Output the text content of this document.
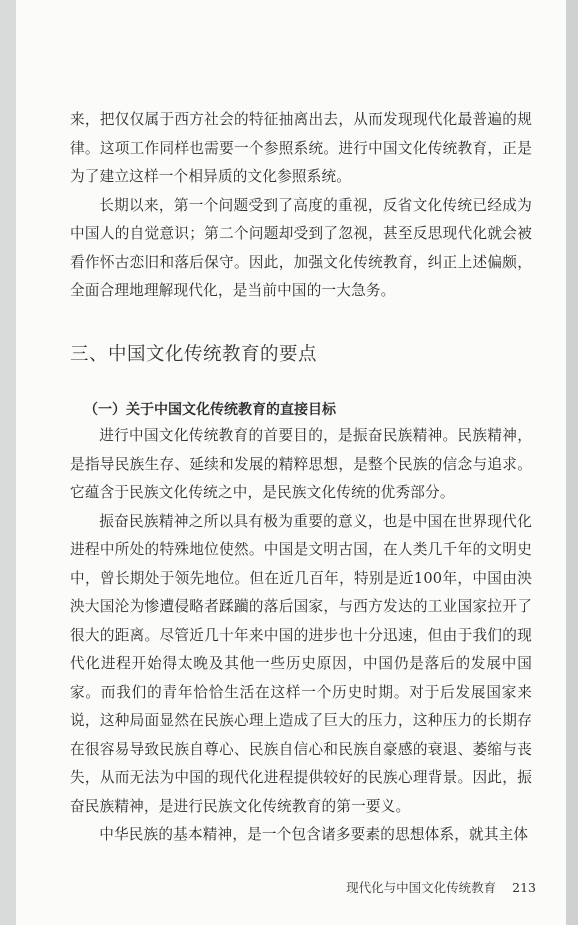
来，把仅仅属于西方社会的特征抽离出去，从而发现现代化最普遍的规律。这项工作同样也需要一个参照系统。进行中国文化传统教育，正是为了建立这样一个相异质的文化参照系统。

长期以来，第一个问题受到了高度的重视，反省文化传统已经成为中国人的自觉意识；第二个问题却受到了忽视，甚至反思现代化就会被看作怀古恋旧和落后保守。因此，加强文化传统教育，纠正上述偏颇，全面合理地理解现代化，是当前中国的一大急务。

三、中国文化传统教育的要点
（一）关于中国文化传统教育的直接目标

进行中国文化传统教育的首要目的，是振奋民族精神。民族精神，是指导民族生存、延续和发展的精粹思想，是整个民族的信念与追求。它蕴含于民族文化传统之中，是民族文化传统的优秀部分。

振奋民族精神之所以具有极为重要的意义，也是中国在世界现代化进程中所处的特殊地位使然。中国是文明古国，在人类几千年的文明史中，曾长期处于领先地位。但在近几百年，特别是近100年，中国由泱泱大国沦为惨遭侵略者蹂躏的落后国家，与西方发达的工业国家拉开了很大的距离。尽管近几十年来中国的进步也十分迅速，但由于我们的现代化进程开始得太晚及其他一些历史原因，中国仍是落后的发展中国家。而我们的青年恰恰生活在这样一个历史时期。对于后发展国家来说，这种局面显然在民族心理上造成了巨大的压力，这种压力的长期存在很容易导致民族自尊心、民族自信心和民族自豪感的衰退、萎缩与丧失，从而无法为中国的现代化进程提供较好的民族心理背景。因此，振奋民族精神，是进行民族文化传统教育的第一要义。

中华民族的基本精神，是一个包含诸多要素的思想体系，就其主体

现代化与中国文化传统教育 213
